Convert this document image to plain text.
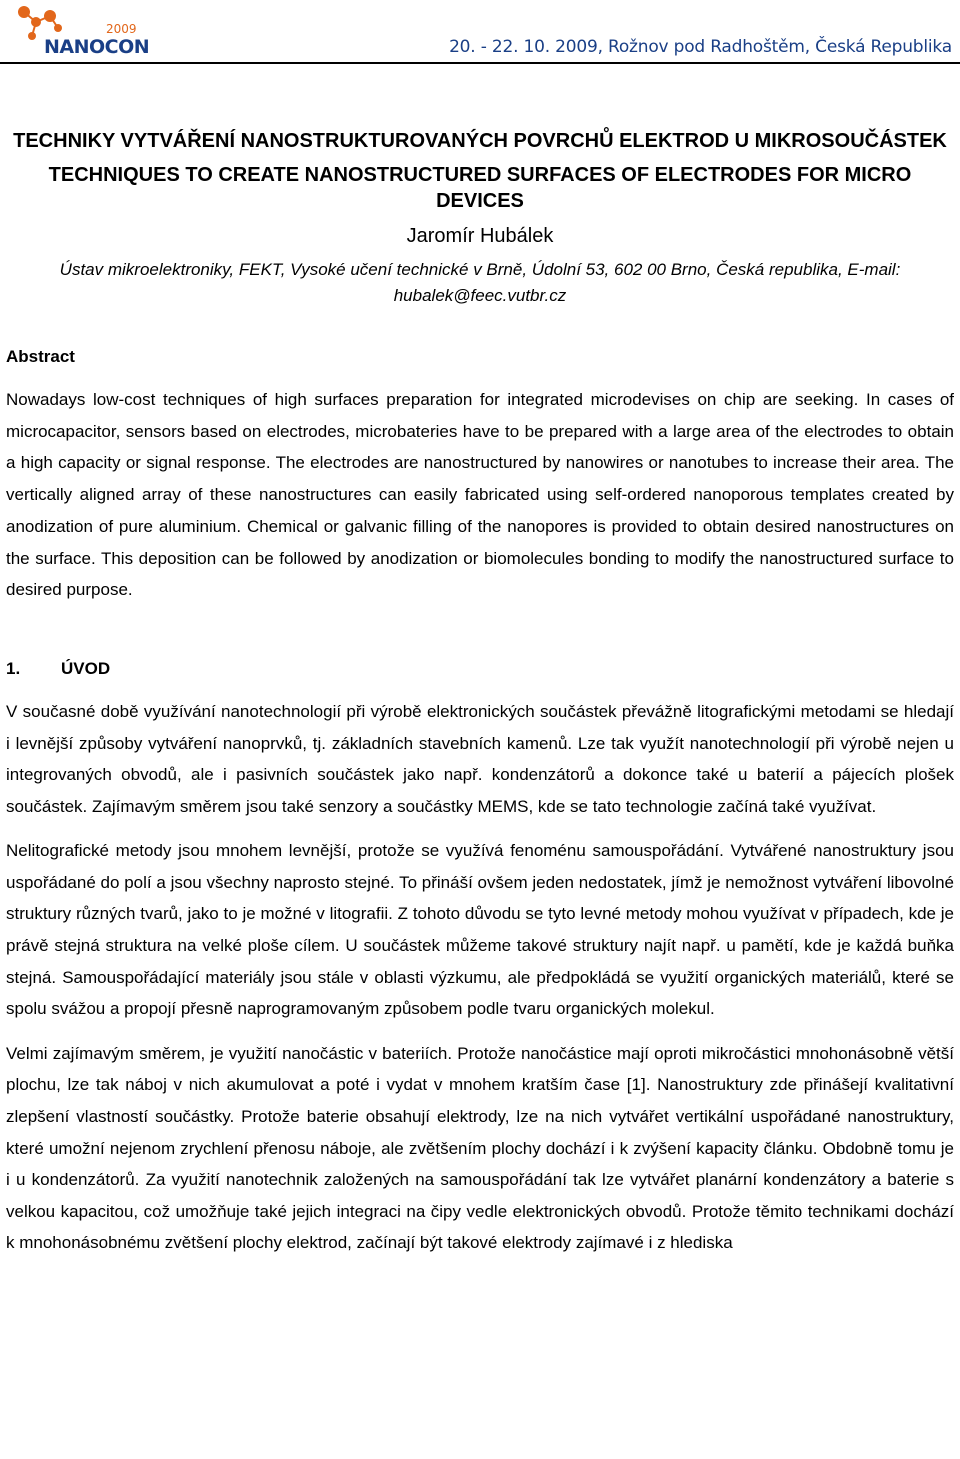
2009
NANOCON	20. - 22. 10. 2009, Rožnov pod Radhoštěm, Česká Republika
TECHNIKY VYTVÁŘENÍ NANOSTRUKTUROVANÝCH POVRCHŮ ELEKTROD U MIKROSOUČÁSTEK
TECHNIQUES TO CREATE NANOSTRUCTURED SURFACES OF ELECTRODES FOR MICRO DEVICES
Jaromír Hubálek
Ústav mikroelektroniky, FEKT, Vysoké učení technické v Brně, Údolní 53, 602 00 Brno, Česká republika, E-mail: hubalek@feec.vutbr.cz
Abstract
Nowadays low-cost techniques of high surfaces preparation for integrated microdevises on chip are seeking. In cases of microcapacitor, sensors based on electrodes, microbateries have to be prepared with a large area of the electrodes to obtain a high capacity or signal response. The electrodes are nanostructured by nanowires or nanotubes to increase their area. The vertically aligned array of these nanostructures can easily fabricated using self-ordered nanoporous templates created by anodization of pure aluminium. Chemical or galvanic filling of the nanopores is provided to obtain desired nanostructures on the surface. This deposition can be followed by anodization or biomolecules bonding to modify the nanostructured surface to desired purpose.
1.	ÚVOD
V současné době využívání nanotechnologií při výrobě elektronických součástek převážně litografickými metodami se hledají i levnější způsoby vytváření nanoprvků, tj. základních stavebních kamenů. Lze tak využít nanotechnologií při výrobě nejen u integrovaných obvodů, ale i pasivních součástek jako např. kondenzátorů a dokonce také u baterií a pájecích plošek součástek. Zajímavým směrem jsou také senzory a součástky MEMS, kde se tato technologie začíná také využívat.
Nelitografické metody jsou mnohem levnější, protože se využívá fenoménu samouspořádání. Vytvářené nanostruktury jsou uspořádané do polí a jsou všechny naprosto stejné. To přináší ovšem jeden nedostatek, jímž je nemožnost vytváření libovolné struktury různých tvarů, jako to je možné v litografii. Z tohoto důvodu se tyto levné metody mohou využívat v případech, kde je právě stejná struktura na velké ploše cílem. U součástek můžeme takové struktury najít např. u pamětí, kde je každá buňka stejná. Samouspořádající materiály jsou stále v oblasti výzkumu, ale předpokládá se využití organických materiálů, které se spolu svážou a propojí přesně naprogramovaným způsobem podle tvaru organických molekul.
Velmi zajímavým směrem, je využití nanočástic v bateriích. Protože nanočástice mají oproti mikročástici mnohonásobně větší plochu, lze tak náboj v nich akumulovat a poté i vydat v mnohem kratším čase [1]. Nanostruktury zde přinášejí kvalitativní zlepšení vlastností součástky. Protože baterie obsahují elektrody, lze na nich vytvářet vertikální uspořádané nanostruktury, které umožní nejenom zrychlení přenosu náboje, ale zvětšením plochy dochází i k zvýšení kapacity článku. Obdobně tomu je i u kondenzátorů. Za využití nanotechnik založených na samouspořádání tak lze vytvářet planární kondenzátory a baterie s velkou kapacitou, což umožňuje také jejich integraci na čipy vedle elektronických obvodů. Protože těmito technikami dochází k mnohonásobnému zvětšení plochy elektrod, začínají být takové elektrody zajímavé i z hlediska
